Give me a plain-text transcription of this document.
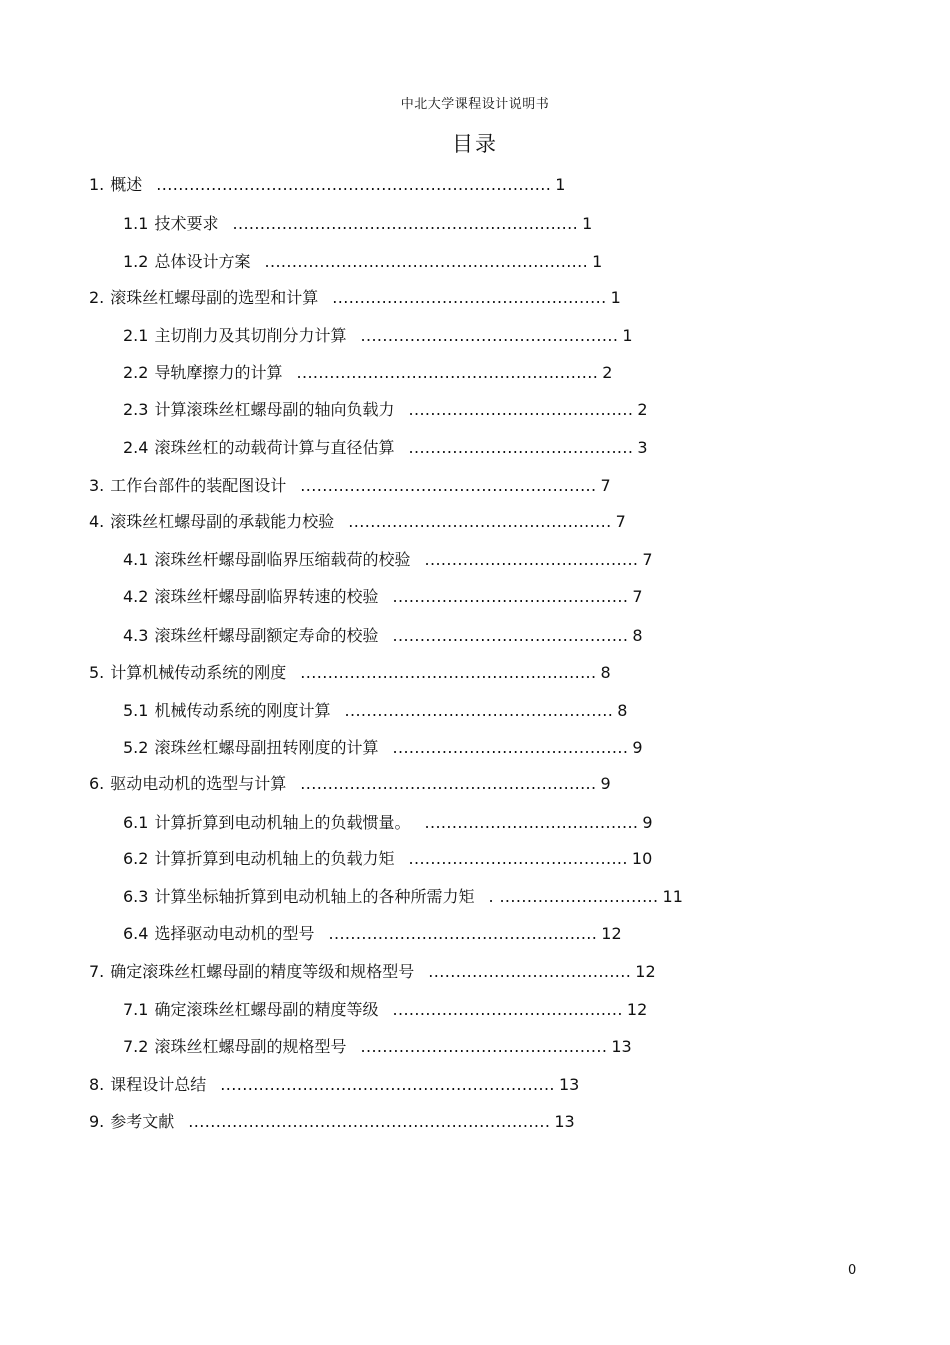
中北大学课程设计说明书
目录
1. 概述 ........................................................................ 1
1.1 技术要求 ............................................................... 1
1.2 总体设计方案 ........................................................... 1
2. 滚珠丝杠螺母副的选型和计算 .................................................. 1
2.1 主切削力及其切削分力计算 ............................................... 1
2.2 导轨摩擦力的计算 ....................................................... 2
2.3 计算滚珠丝杠螺母副的轴向负载力 ......................................... 2
2.4 滚珠丝杠的动载荷计算与直径估算 ......................................... 3
3. 工作台部件的装配图设计 ...................................................... 7
4. 滚珠丝杠螺母副的承载能力校验 ................................................ 7
4.1 滚珠丝杆螺母副临界压缩载荷的校验 ....................................... 7
4.2 滚珠丝杆螺母副临界转速的校验 ........................................... 7
4.3 滚珠丝杆螺母副额定寿命的校验 ........................................... 8
5. 计算机械传动系统的刚度 ...................................................... 8
5.1 机械传动系统的刚度计算 ................................................. 8
5.2 滚珠丝杠螺母副扭转刚度的计算 ........................................... 9
6. 驱动电动机的选型与计算 ...................................................... 9
6.1 计算折算到电动机轴上的负载惯量。 ....................................... 9
6.2 计算折算到电动机轴上的负载力矩 ........................................ 10
6.3计算坐标轴折算到电动机轴上的各种所需力矩 . ............................. 11
6.4 选择驱动电动机的型号 ................................................. 12
7. 确定滚珠丝杠螺母副的精度等级和规格型号 ..................................... 12
7.1 确定滚珠丝杠螺母副的精度等级 .......................................... 12
7.2 滚珠丝杠螺母副的规格型号 ............................................. 13
8.课程设计总结 ............................................................. 13
9. 参考文献 .................................................................. 13
0
